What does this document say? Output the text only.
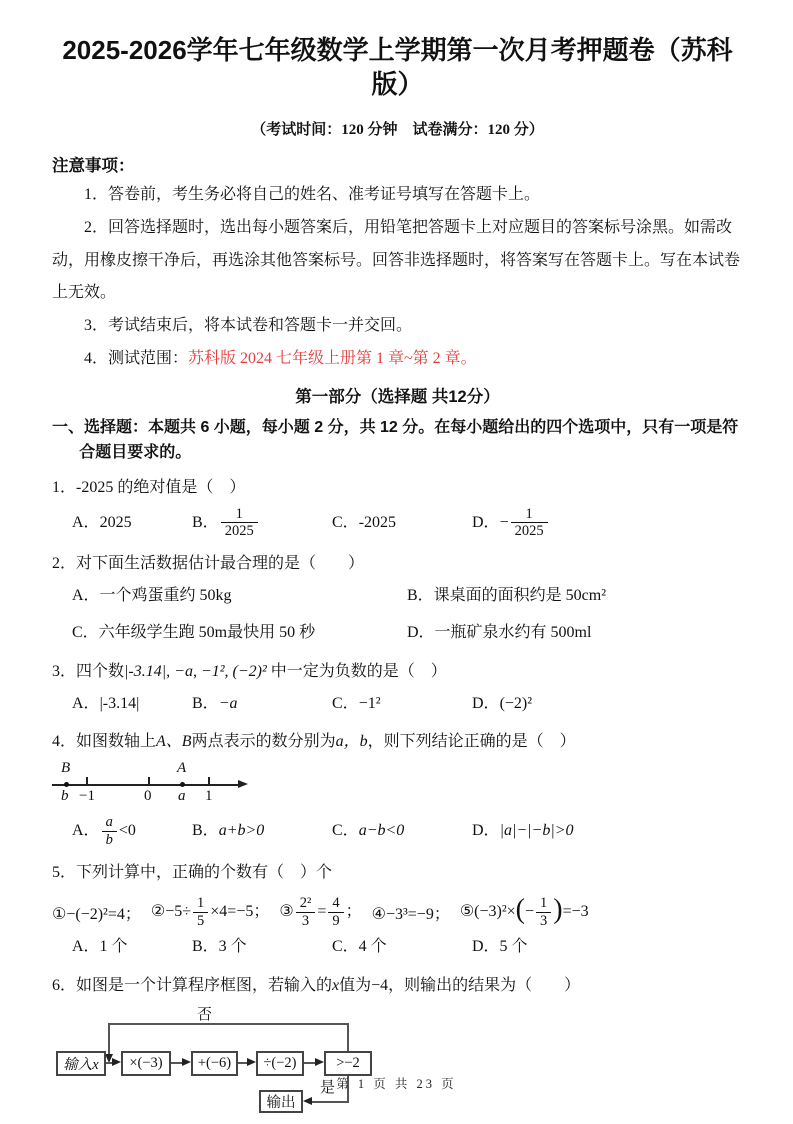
2025-2026学年七年级数学上学期第一次月考押题卷（苏科版）
（考试时间：120 分钟　试卷满分：120 分）
注意事项：

1．答卷前，考生务必将自己的姓名、准考证号填写在答题卡上。

2．回答选择题时，选出每小题答案后，用铅笔把答题卡上对应题目的答案标号涂黑。如需改动，用橡皮擦干净后，再选涂其他答案标号。回答非选择题时，将答案写在答题卡上。写在本试卷上无效。

3．考试结束后，将本试卷和答题卡一并交回。

4．测试范围：苏科版 2024 七年级上册第 1 章~第 2 章。

第一部分（选择题 共12分）

一、选择题：本题共 6 小题，每小题 2 分，共 12 分。在每小题给出的四个选项中，只有一项是符合题目要求的。

1．-2025 的绝对值是（　）
A．2025	B． $\frac{1}{2025}$	C．-2025	D．− $\frac{1}{2025}$
2．对下面生活数据估计最合理的是（　　）
A．一个鸡蛋重约 50kg	B．课桌面的面积约是 50cm²
C．六年级学生跑 50m最快用 50 秒	D．一瓶矿泉水约有 500ml
3．四个数|-3.14|, −a, −1², (−2)² 中一定为负数的是（　）
A．|-3.14|	B．−a	C．−1²	D．(−2)²
4．如图数轴上A、B两点表示的数分别为a，b，则下列结论正确的是（　）
B	A
b −1	0 a 1
A． $\frac{a}{b} <0$	B．a+b>0	C．a−b<0	D．|a|−|−b|>0
5．下列计算中，正确的个数有（　）个
①−(−2)²=4； ②−5÷ $\frac{1}{5} \times 4=-5$； ③ $\frac{\text{2²}}{3} = \frac{4}{9}$ ； ④−3³=−9； ⑤(−3)²×(− $\frac{1}{3} )=-3$
A．1 个	B．3 个	C．4 个	D．5 个
6．如图是一个计算程序框图，若输入的x值为−4，则输出的结果为（　　）
否
输入x ×(−3) +(−6) ÷(−2)	>−2
是
输出
第 1 页 共 23 页
